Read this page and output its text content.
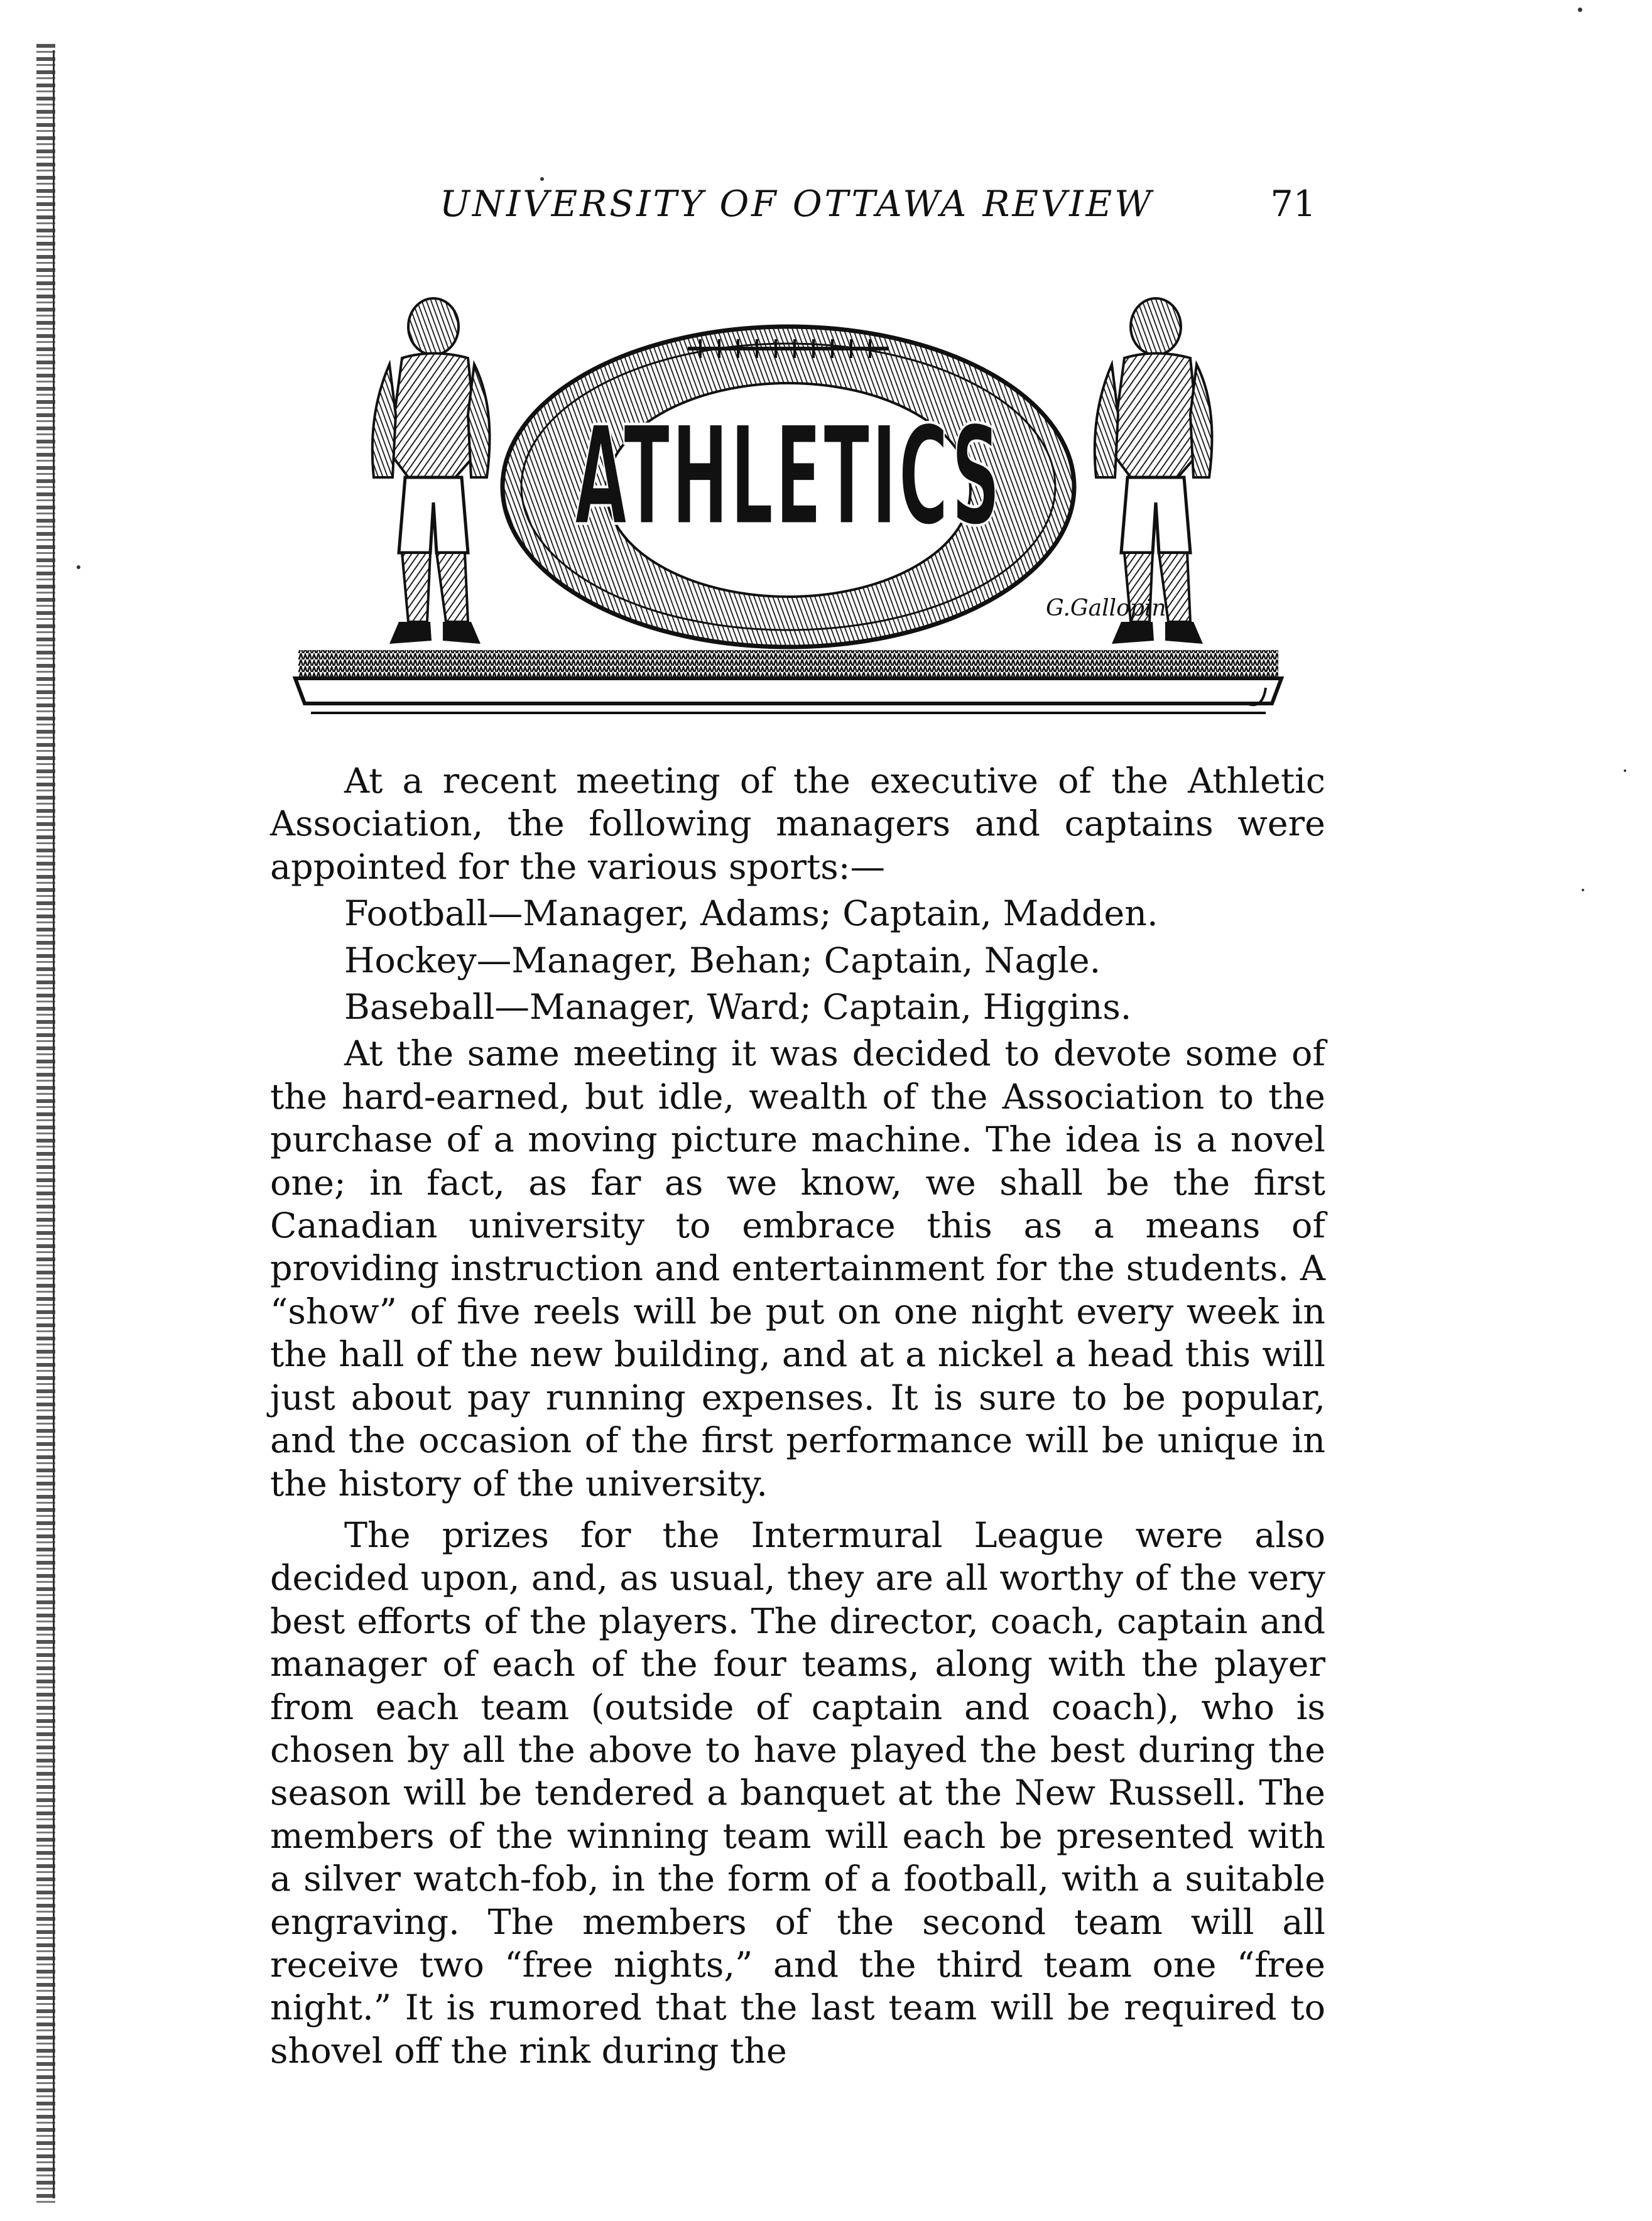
UNIVERSITY OF OTTAWA REVIEW	71
ATHLETICS
G.Gallopin

At a recent meeting of the executive of the Athletic Association, the following managers and captains were appointed for the various sports:—

Football—Manager, Adams; Captain, Madden.

Hockey—Manager, Behan; Captain, Nagle.

Baseball—Manager, Ward; Captain, Higgins.

At the same meeting it was decided to devote some of the hard-earned, but idle, wealth of the Association to the purchase of a moving picture machine. The idea is a novel one; in fact, as far as we know, we shall be the first Canadian university to embrace this as a means of providing instruction and entertainment for the students. A “show” of five reels will be put on one night every week in the hall of the new building, and at a nickel a head this will just about pay running expenses. It is sure to be popular, and the occasion of the first performance will be unique in the history of the university.

The prizes for the Intermural League were also decided upon, and, as usual, they are all worthy of the very best efforts of the players. The director, coach, captain and manager of each of the four teams, along with the player from each team (outside of captain and coach), who is chosen by all the above to have played the best during the season will be tendered a banquet at the New Russell. The members of the winning team will each be presented with a silver watch-fob, in the form of a football, with a suitable engraving. The members of the second team will all receive two “free nights,” and the third team one “free night.” It is rumored that the last team will be required to shovel off the rink during the
